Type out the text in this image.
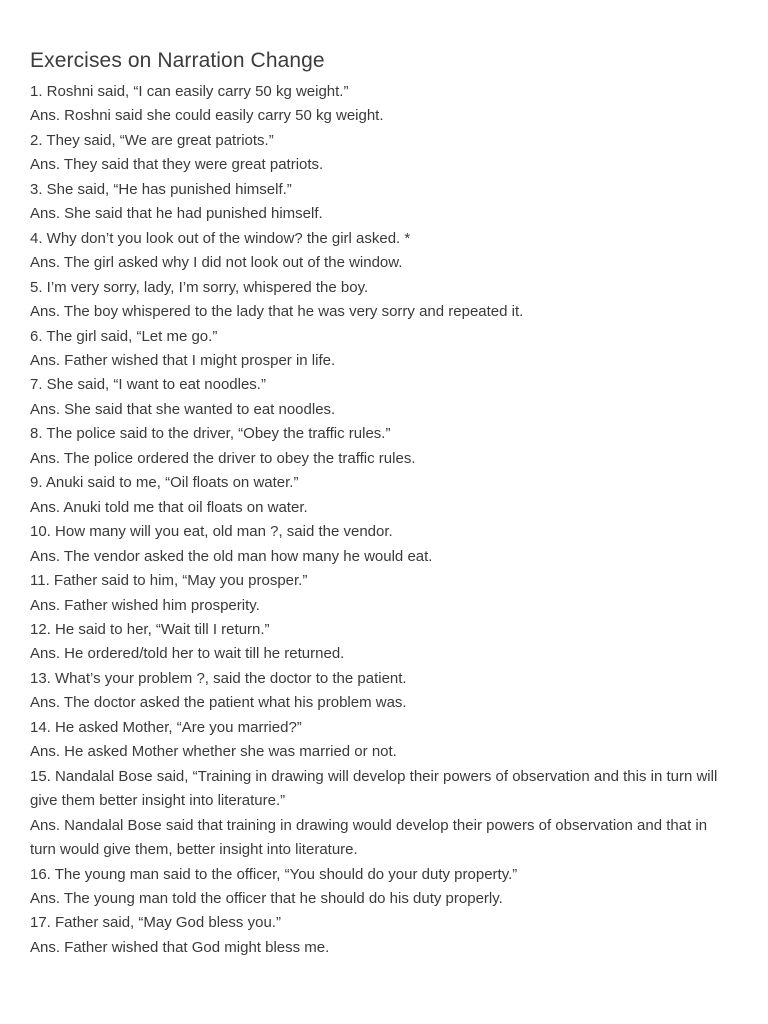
Exercises on Narration Change

1. Roshni said, “I can easily carry 50 kg weight.”

Ans. Roshni said she could easily carry 50 kg weight.

2. They said, “We are great patriots.”

Ans. They said that they were great patriots.

3. She said, “He has punished himself.”

Ans. She said that he had punished himself.

4. Why don’t you look out of the window? the girl asked. *

Ans. The girl asked why I did not look out of the window.

5. I’m very sorry, lady, I’m sorry, whispered the boy.

Ans. The boy whispered to the lady that he was very sorry and repeated it.

6. The girl said, “Let me go.”

Ans. Father wished that I might prosper in life.

7. She said, “I want to eat noodles.”

Ans. She said that she wanted to eat noodles.

8. The police said to the driver, “Obey the traffic rules.”

Ans. The police ordered the driver to obey the traffic rules.

9. Anuki said to me, “Oil floats on water.”

Ans. Anuki told me that oil floats on water.

10. How many will you eat, old man ?, said the vendor.

Ans. The vendor asked the old man how many he would eat.

11. Father said to him, “May you prosper.”

Ans. Father wished him prosperity.

12. He said to her, “Wait till I return.”

Ans. He ordered/told her to wait till he returned.

13. What’s your problem ?, said the doctor to the patient.

Ans. The doctor asked the patient what his problem was.

14. He asked Mother, “Are you married?”

Ans. He asked Mother whether she was married or not.

15. Nandalal Bose said, “Training in drawing will develop their powers of observation and this in turn will give them better insight into literature.”

Ans. Nandalal Bose said that training in drawing would develop their powers of observation and that in turn would give them, better insight into literature.

16. The young man said to the officer, “You should do your duty property.”

Ans. The young man told the officer that he should do his duty properly.

17. Father said, “May God bless you.”

Ans. Father wished that God might bless me.
